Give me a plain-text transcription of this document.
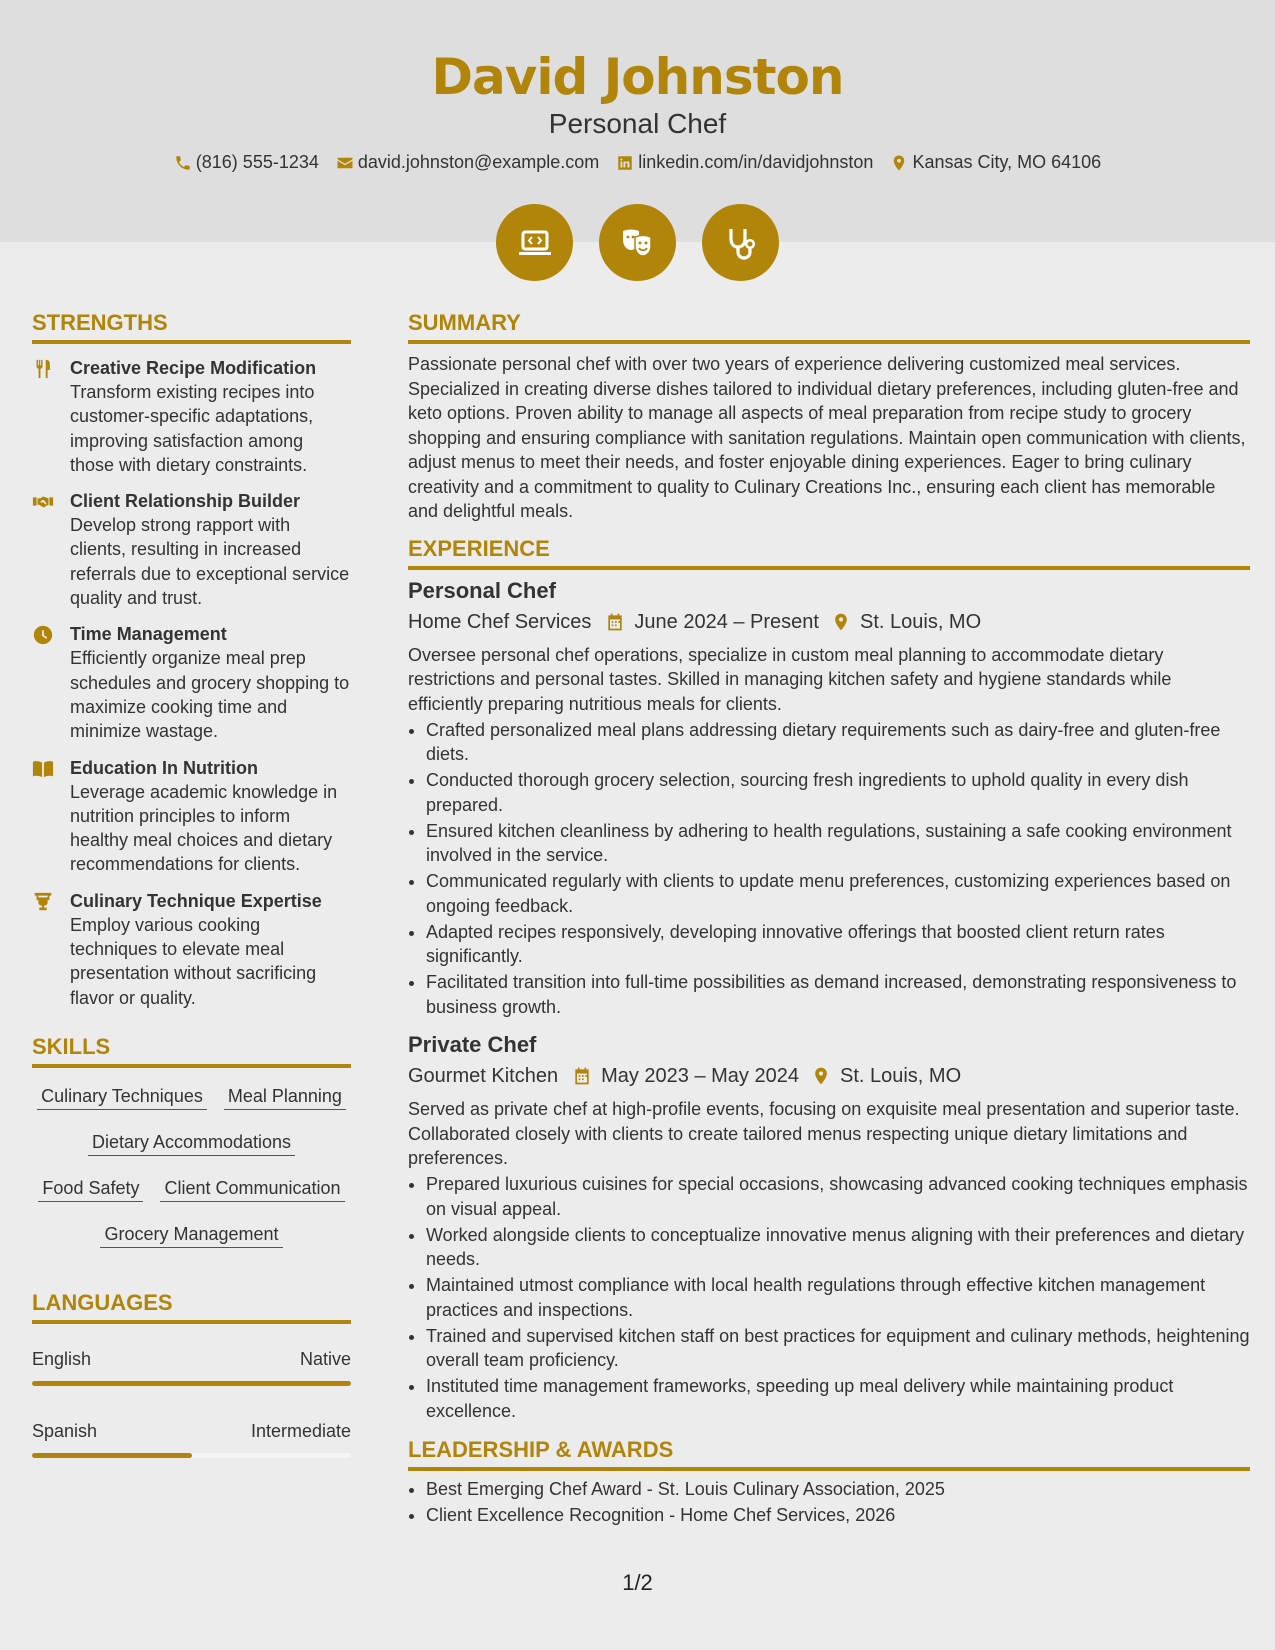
David Johnston
Personal Chef
(816) 555-1234 david.johnston@example.com linkedin.com/in/davidjohnston Kansas City, MO 64106
STRENGTHS
Creative Recipe Modification
Transform existing recipes into customer-specific adaptations, improving satisfaction among those with dietary constraints.
Client Relationship Builder
Develop strong rapport with clients, resulting in increased referrals due to exceptional service quality and trust.
Time Management
Efficiently organize meal prep schedules and grocery shopping to maximize cooking time and minimize wastage.
Education In Nutrition
Leverage academic knowledge in nutrition principles to inform healthy meal choices and dietary recommendations for clients.
Culinary Technique Expertise
Employ various cooking techniques to elevate meal presentation without sacrificing flavor or quality.
SKILLS
Culinary Techniques Meal Planning
Dietary Accommodations
Food Safety Client Communication
Grocery Management
LANGUAGES
English	Native
Spanish	Intermediate
SUMMARY
Passionate personal chef with over two years of experience delivering customized meal services. Specialized in creating diverse dishes tailored to individual dietary preferences, including gluten-free and keto options. Proven ability to manage all aspects of meal preparation from recipe study to grocery shopping and ensuring compliance with sanitation regulations. Maintain open communication with clients, adjust menus to meet their needs, and foster enjoyable dining experiences. Eager to bring culinary creativity and a commitment to quality to Culinary Creations Inc., ensuring each client has memorable and delightful meals.
EXPERIENCE
Personal Chef
Home Chef Services June 2024 – Present St. Louis, MO
Oversee personal chef operations, specialize in custom meal planning to accommodate dietary restrictions and personal tastes. Skilled in managing kitchen safety and hygiene standards while efficiently preparing nutritious meals for clients.
• Crafted personalized meal plans addressing dietary requirements such as dairy-free and gluten-free diets.
• Conducted thorough grocery selection, sourcing fresh ingredients to uphold quality in every dish prepared.
• Ensured kitchen cleanliness by adhering to health regulations, sustaining a safe cooking environment involved in the service.
• Communicated regularly with clients to update menu preferences, customizing experiences based on ongoing feedback.
• Adapted recipes responsively, developing innovative offerings that boosted client return rates significantly.
• Facilitated transition into full-time possibilities as demand increased, demonstrating responsiveness to business growth.
Private Chef
Gourmet Kitchen May 2023 – May 2024 St. Louis, MO
Served as private chef at high-profile events, focusing on exquisite meal presentation and superior taste. Collaborated closely with clients to create tailored menus respecting unique dietary limitations and preferences.
• Prepared luxurious cuisines for special occasions, showcasing advanced cooking techniques emphasis on visual appeal.
• Worked alongside clients to conceptualize innovative menus aligning with their preferences and dietary needs.
• Maintained utmost compliance with local health regulations through effective kitchen management practices and inspections.
• Trained and supervised kitchen staff on best practices for equipment and culinary methods, heightening overall team proficiency.
• Instituted time management frameworks, speeding up meal delivery while maintaining product excellence.
LEADERSHIP & AWARDS
• Best Emerging Chef Award - St. Louis Culinary Association, 2025
• Client Excellence Recognition - Home Chef Services, 2026
1/2
